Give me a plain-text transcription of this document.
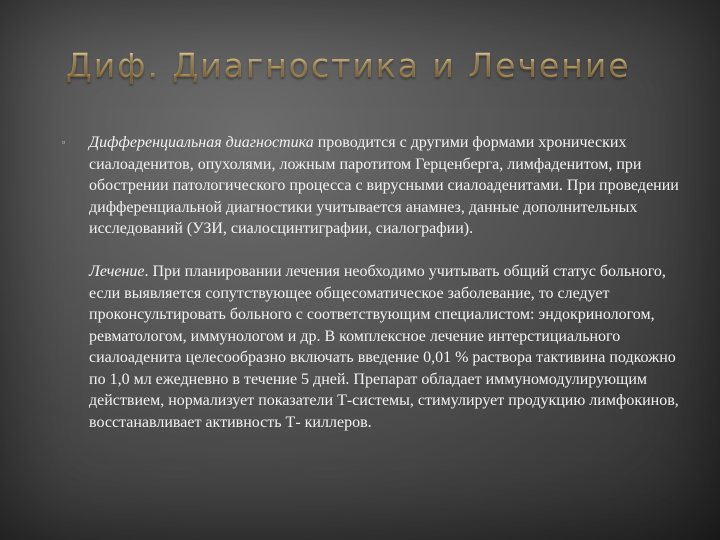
Диф. Диагностика и Лечение
▫	Дифференциальная диагностика проводится с другими формами хронических сиалоаденитов, опухолями, ложным паротитом Герценберга, лимфаденитом, при обострении патологического процесса с вирусными сиалоаденитами. При проведении дифференциальной диагностики учитывается анамнез, данные дополнительных исследований (УЗИ, сиалосцинтиграфии, сиалографии).

Лечение. При планировании лечения необходимо учитывать общий статус больного, если выявляется сопутствующее общесоматическое заболевание, то следует проконсультировать больного с соответствующим специалистом: эндокринологом, ревматологом, иммунологом и др. В комплексное лечение интерстициального сиалоаденита целесообразно включать введение 0,01 % раствора тактивина подкожно по 1,0 мл ежедневно в течение 5 дней. Препарат обладает иммуномодулирующим действием, нормализует показатели Т-системы, стимулирует продукцию лимфокинов, восстанавливает активность Т- киллеров.
